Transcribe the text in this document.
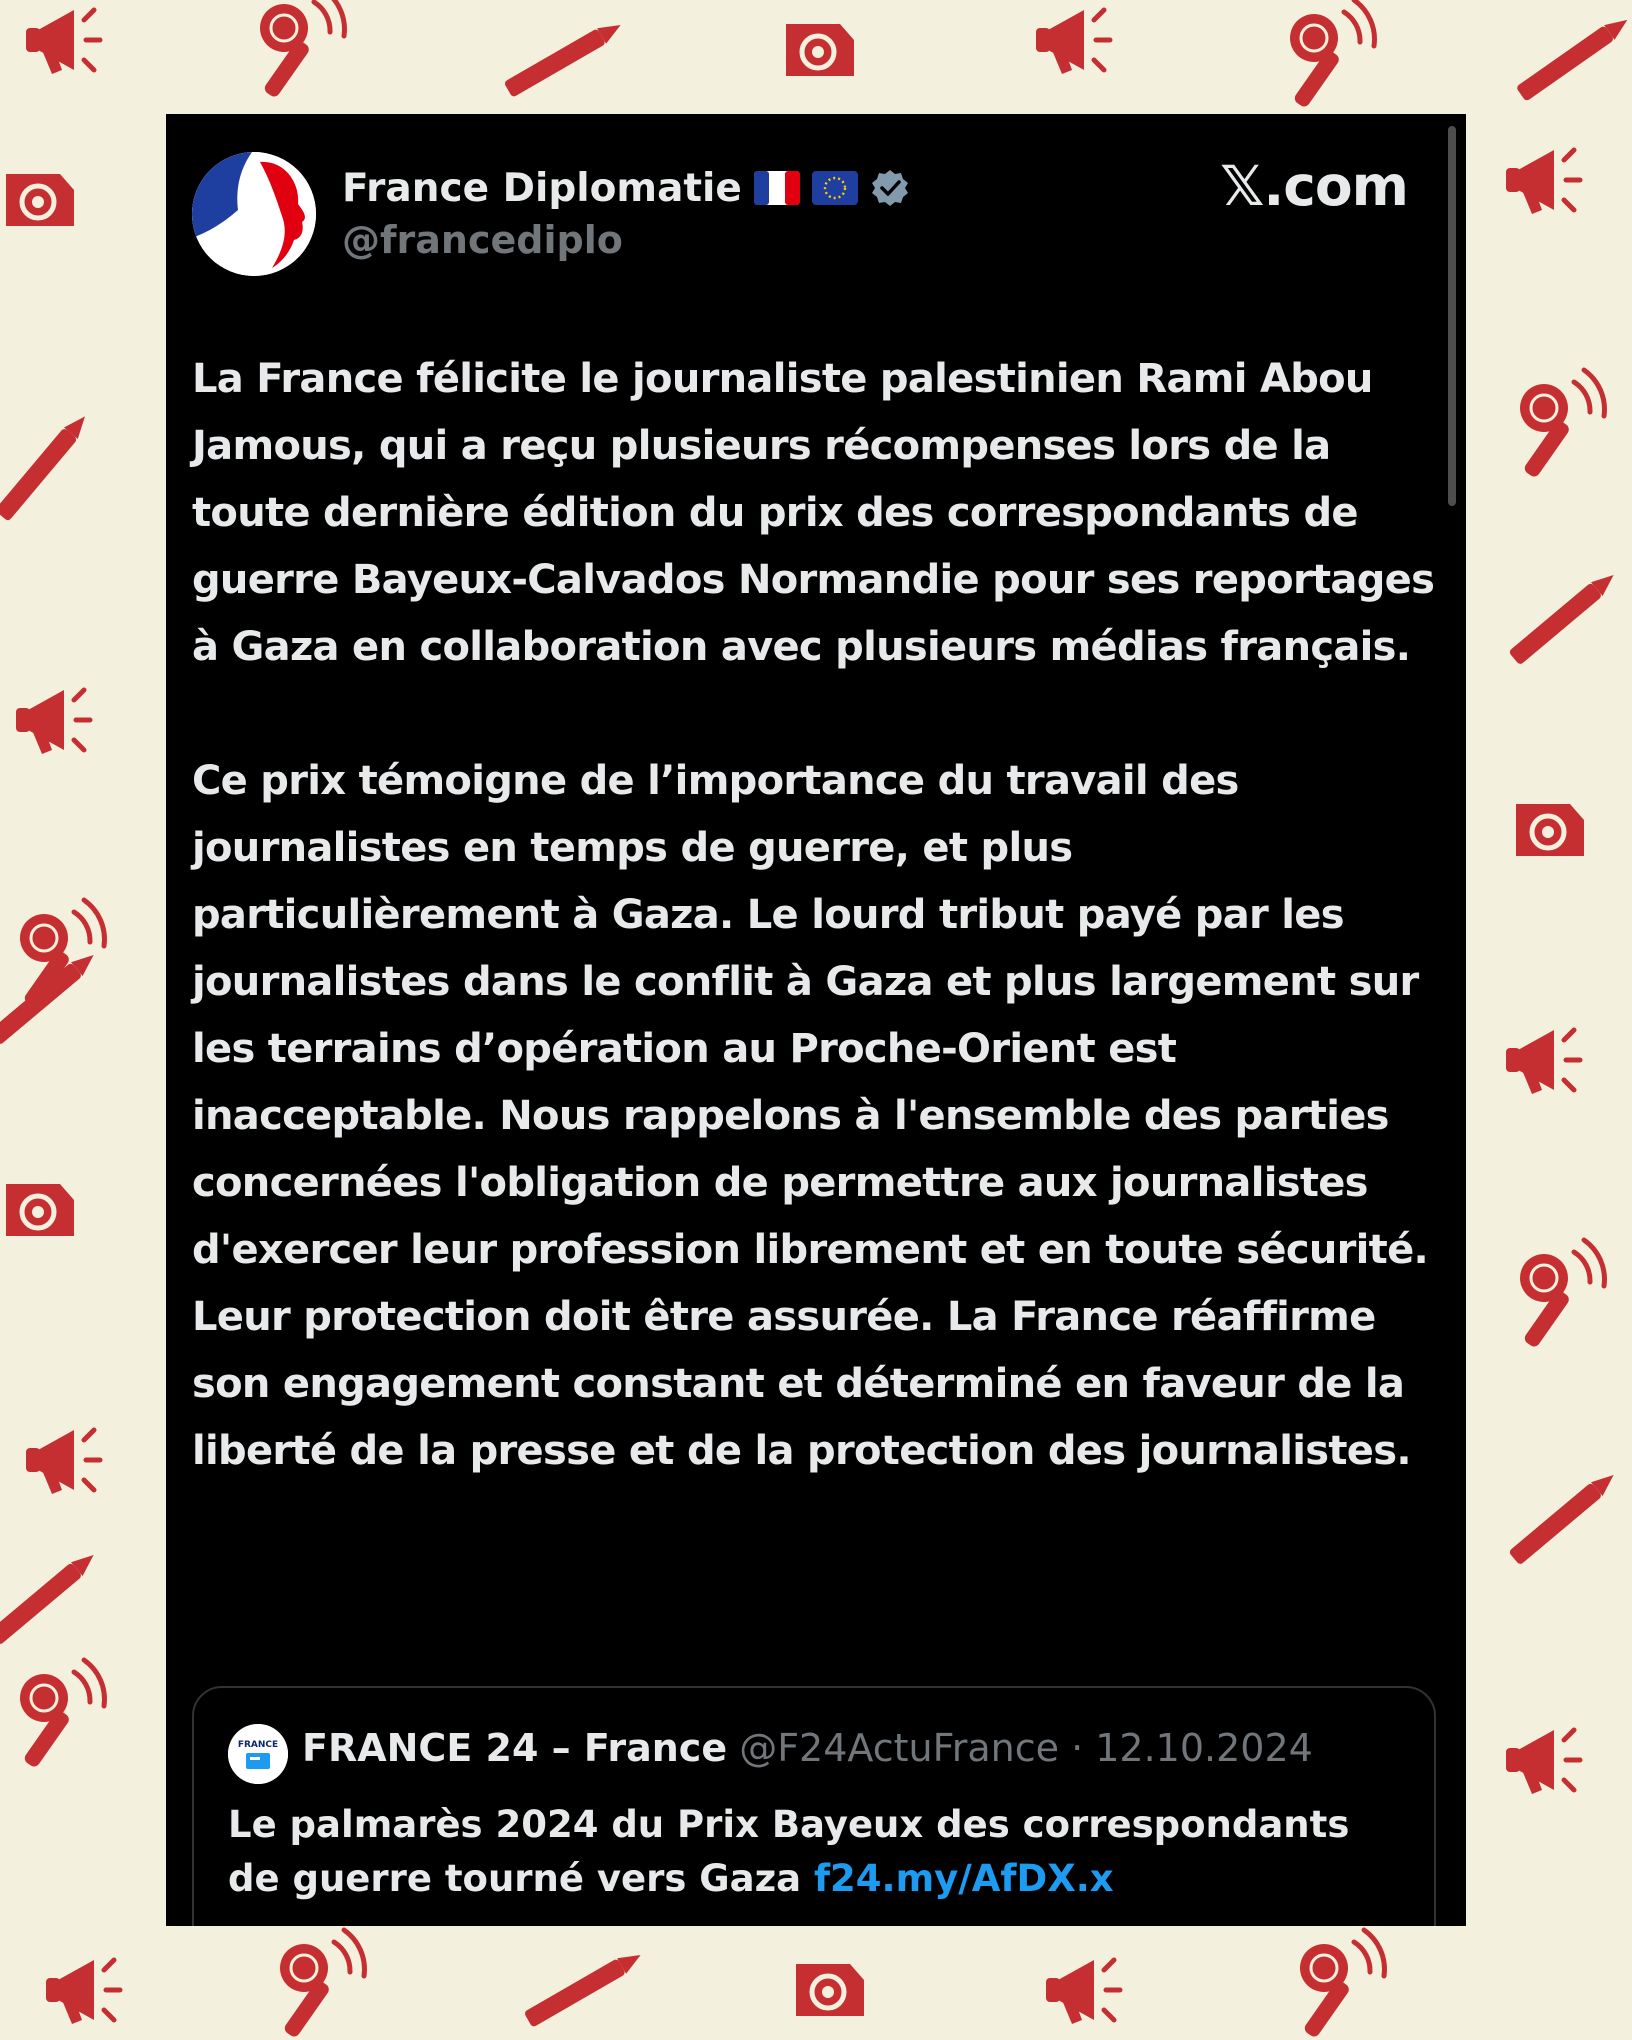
France Diplomatie
@francediplo
𝕏.com

La France félicite le journaliste palestinien Rami Abou Jamous, qui a reçu plusieurs récompenses lors de la toute dernière édition du prix des correspondants de guerre Bayeux-Calvados Normandie pour ses reportages à Gaza en collaboration avec plusieurs médias français.

Ce prix témoigne de l’importance du travail des journalistes en temps de guerre, et plus particulièrement à Gaza. Le lourd tribut payé par les journalistes dans le conflit à Gaza et plus largement sur les terrains d’opération au Proche-Orient est inacceptable. Nous rappelons à l'ensemble des parties concernées l'obligation de permettre aux journalistes d'exercer leur profession librement et en toute sécurité. Leur protection doit être assurée. La France réaffirme son engagement constant et déterminé en faveur de la liberté de la presse et de la protection des journalistes.

FRANCE FRANCE 24 – France @F24ActuFrance · 12.10.2024
Le palmarès 2024 du Prix Bayeux des correspondants de guerre tourné vers Gaza f24.my/AfDX.x
